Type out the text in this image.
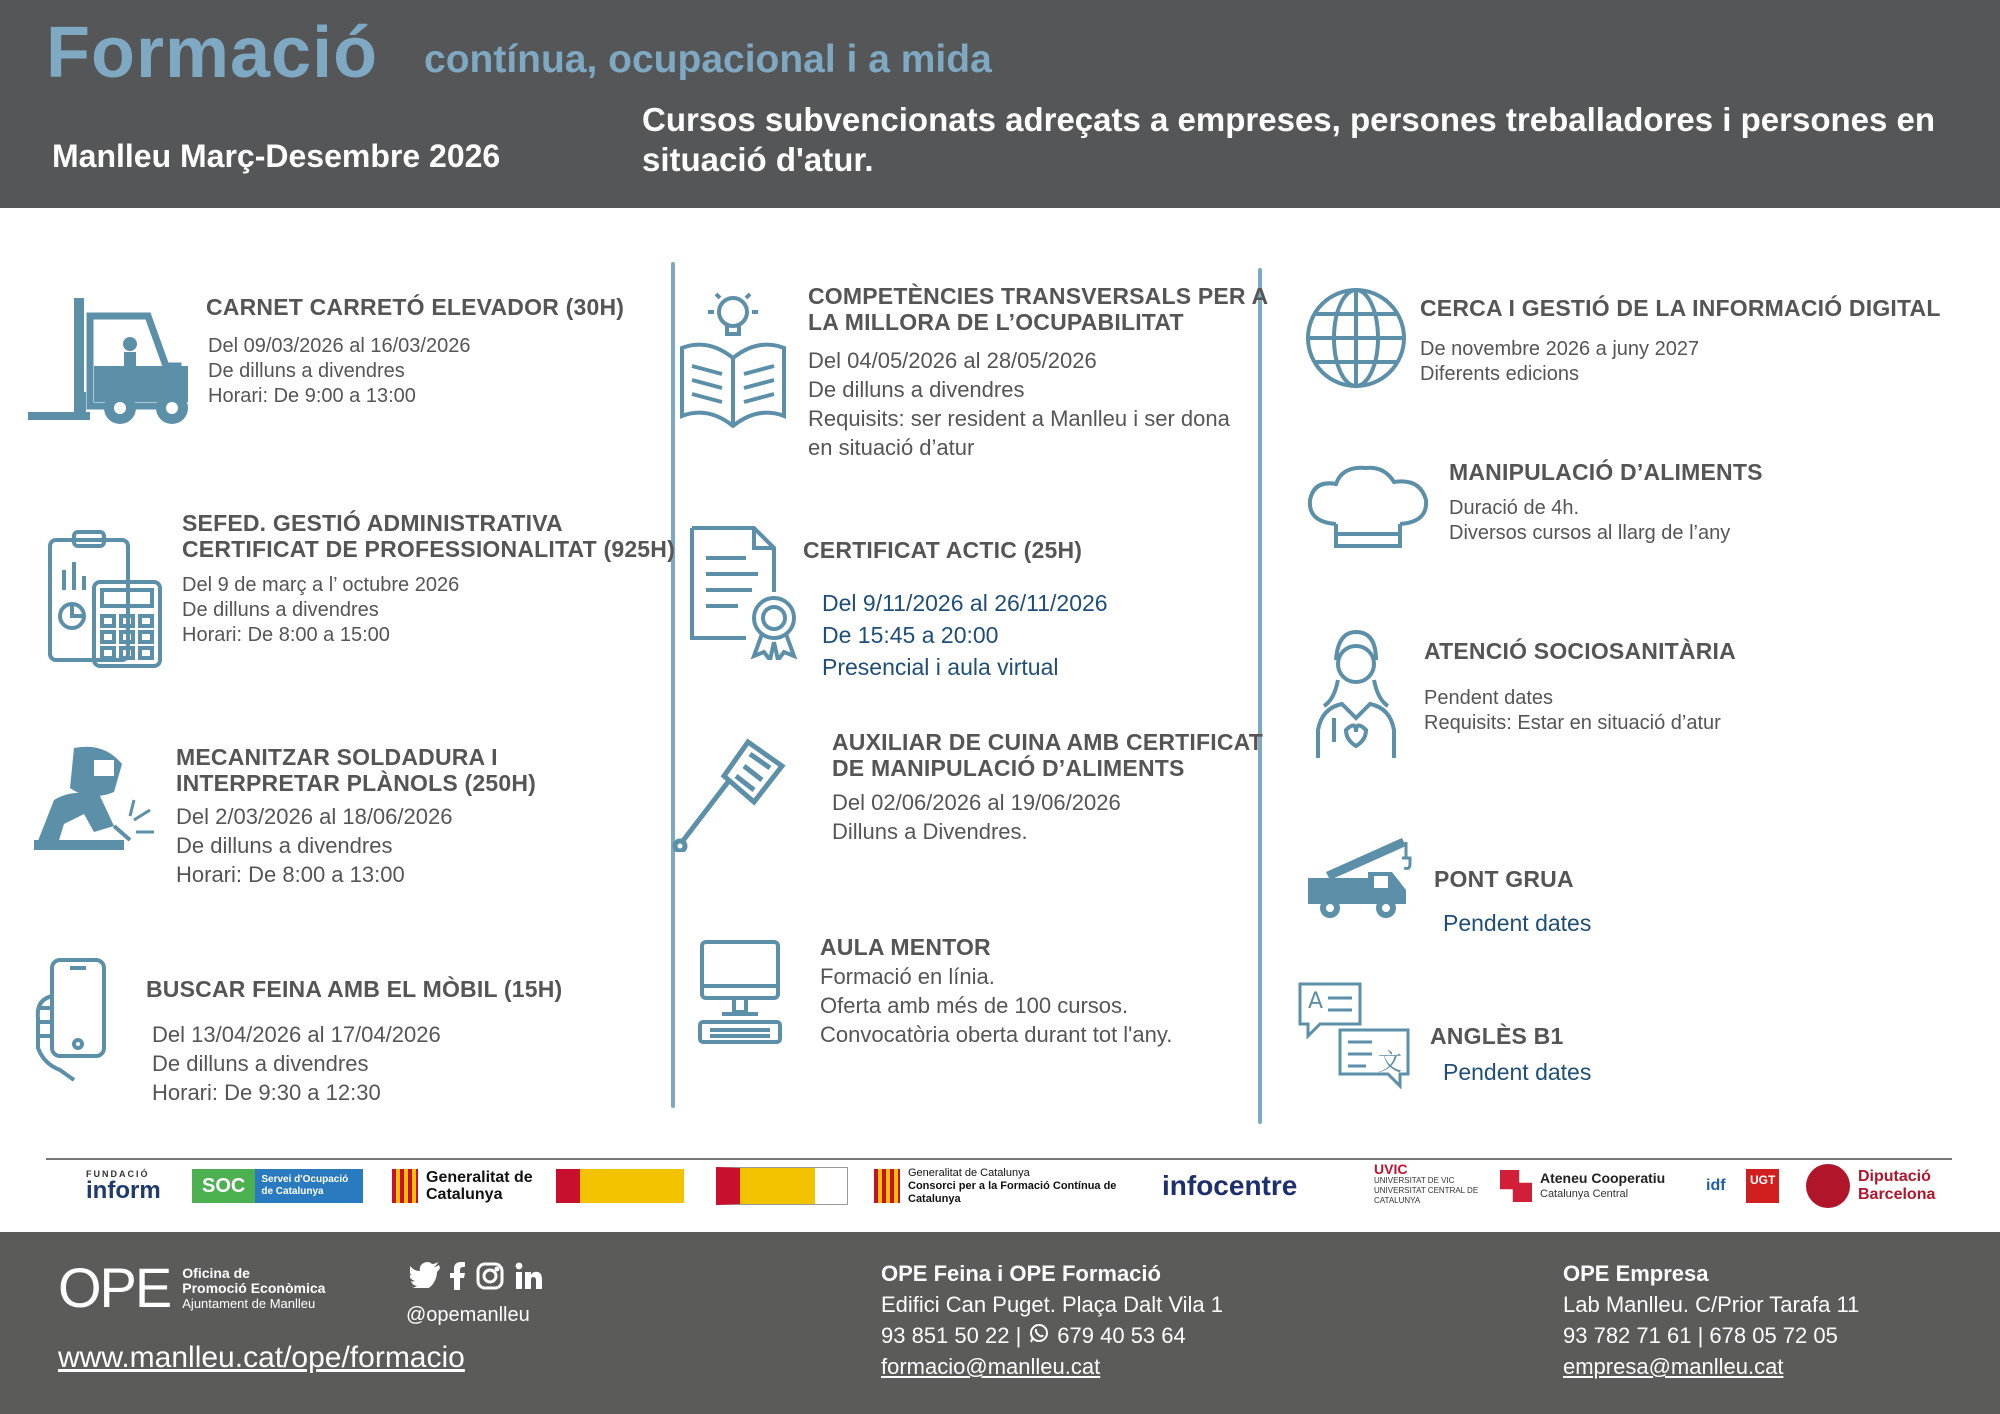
Formació contínua, ocupacional i a mida
Manlleu Març-Desembre 2026
Cursos subvencionats adreçats a empreses, persones treballadores i persones en situació d'atur.
CARNET CARRETÓ ELEVADOR (30H)
Del 09/03/2026 al 16/03/2026
De dilluns a divendres
Horari: De 9:00 a 13:00
SEFED. GESTIÓ ADMINISTRATIVA
CERTIFICAT DE PROFESSIONALITAT (925H)
Del 9 de març a l’ octubre 2026
De dilluns a divendres
Horari: De 8:00 a 15:00
MECANITZAR SOLDADURA I
INTERPRETAR PLÀNOLS (250H)
Del 2/03/2026 al 18/06/2026
De dilluns a divendres
Horari: De 8:00 a 13:00
BUSCAR FEINA AMB EL MÒBIL (15H)
Del 13/04/2026 al 17/04/2026
De dilluns a divendres
Horari: De 9:30 a 12:30
COMPETÈNCIES TRANSVERSALS PER A
LA MILLORA DE L’OCUPABILITAT
Del 04/05/2026 al 28/05/2026
De dilluns a divendres
Requisits: ser resident a Manlleu i ser dona
en situació d’atur
CERTIFICAT ACTIC (25H)
Del 9/11/2026 al 26/11/2026
De 15:45 a 20:00
Presencial i aula virtual
AUXILIAR DE CUINA AMB CERTIFICAT
DE MANIPULACIÓ D’ALIMENTS
Del 02/06/2026 al 19/06/2026
Dilluns a Divendres.
AULA MENTOR
Formació en línia.
Oferta amb més de 100 cursos.
Convocatòria oberta durant tot l'any.
CERCA I GESTIÓ DE LA INFORMACIÓ DIGITAL
De novembre 2026 a juny 2027
Diferents edicions
MANIPULACIÓ D’ALIMENTS
Duració de 4h.
Diversos cursos al llarg de l’any
ATENCIÓ SOCIOSANITÀRIA
Pendent dates
Requisits: Estar en situació d’atur
PONT GRUA
Pendent dates
A
文
ANGLÈS B1
Pendent dates
FUNDACIÓ
inform	SOC	Servei d'Ocupació de Catalunya
Generalitat de Catalunya
Generalitat de Catalunya
Consorci per a la Formació Contínua de Catalunya	infocentre
UVIC
UNIVERSITAT DE VIC UNIVERSITAT CENTRAL DE CATALUNYA
Ateneu Cooperatiu
Catalunya Central	idf	UGT	Diputació Barcelona
OPE Oficina de
Promoció Econòmica
Ajuntament de Manlleu
@opemanlleu
www.manlleu.cat/ope/formacio
OPE Feina i OPE Formació
Edifici Can Puget. Plaça Dalt Vila 1
93 851 50 22 | 679 40 53 64
formacio@manlleu.cat
OPE Empresa
Lab Manlleu. C/Prior Tarafa 11
93 782 71 61 | 678 05 72 05
empresa@manlleu.cat
